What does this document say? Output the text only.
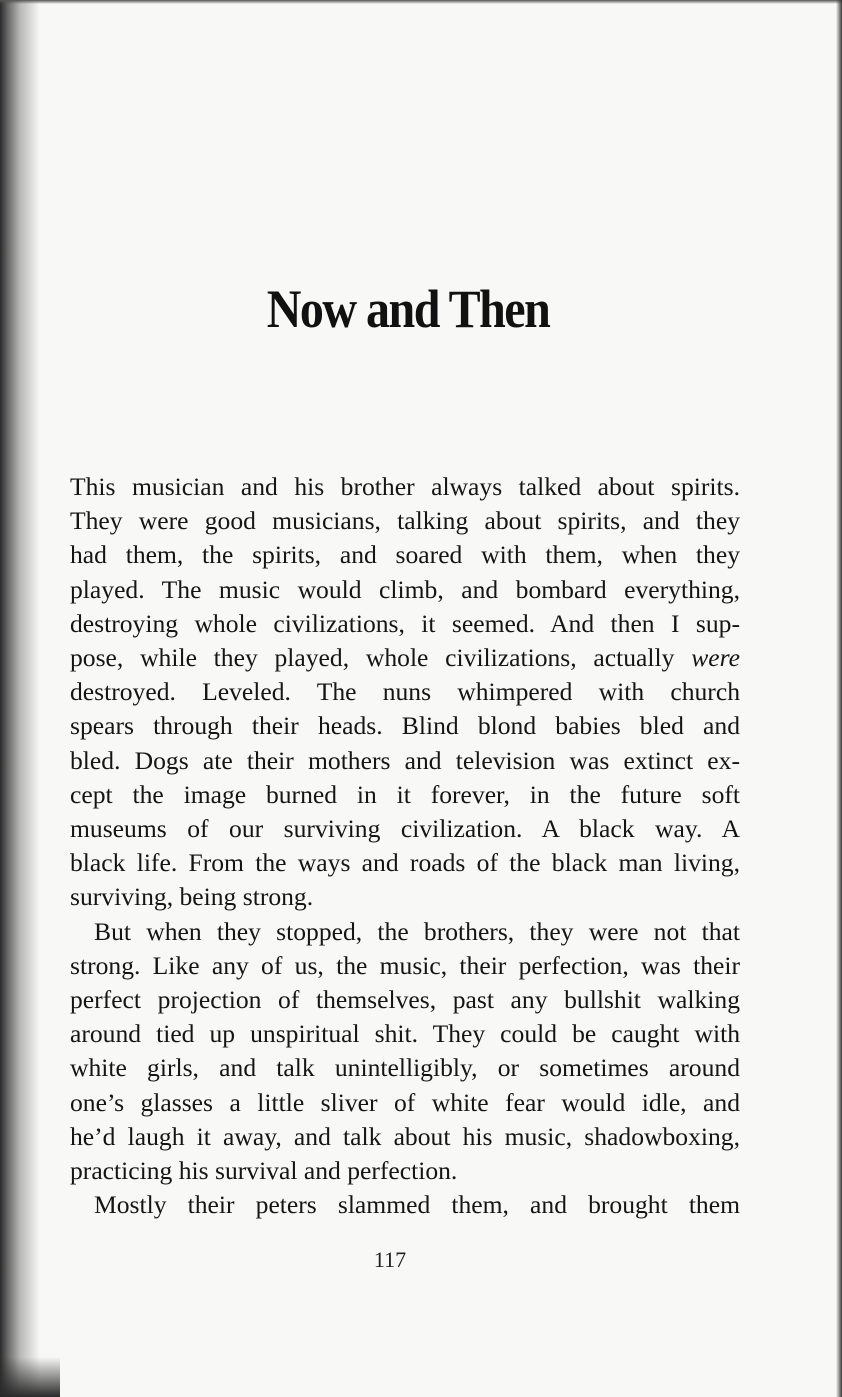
Now and Then

This musician and his brother always talked about spirits.
They were good musicians, talking about spirits, and they
had them, the spirits, and soared with them, when they
played. The music would climb, and bombard everything,
destroying whole civilizations, it seemed. And then I sup-
pose, while they played, whole civilizations, actually were
destroyed. Leveled. The nuns whimpered with church
spears through their heads. Blind blond babies bled and
bled. Dogs ate their mothers and television was extinct ex-
cept the image burned in it forever, in the future soft
museums of our surviving civilization. A black way. A
black life. From the ways and roads of the black man living,
surviving, being strong.

But when they stopped, the brothers, they were not that
strong. Like any of us, the music, their perfection, was their
perfect projection of themselves, past any bullshit walking
around tied up unspiritual shit. They could be caught with
white girls, and talk unintelligibly, or sometimes around
one’s glasses a little sliver of white fear would idle, and
he’d laugh it away, and talk about his music, shadowboxing,
practicing his survival and perfection.

Mostly their peters slammed them, and brought them

117
